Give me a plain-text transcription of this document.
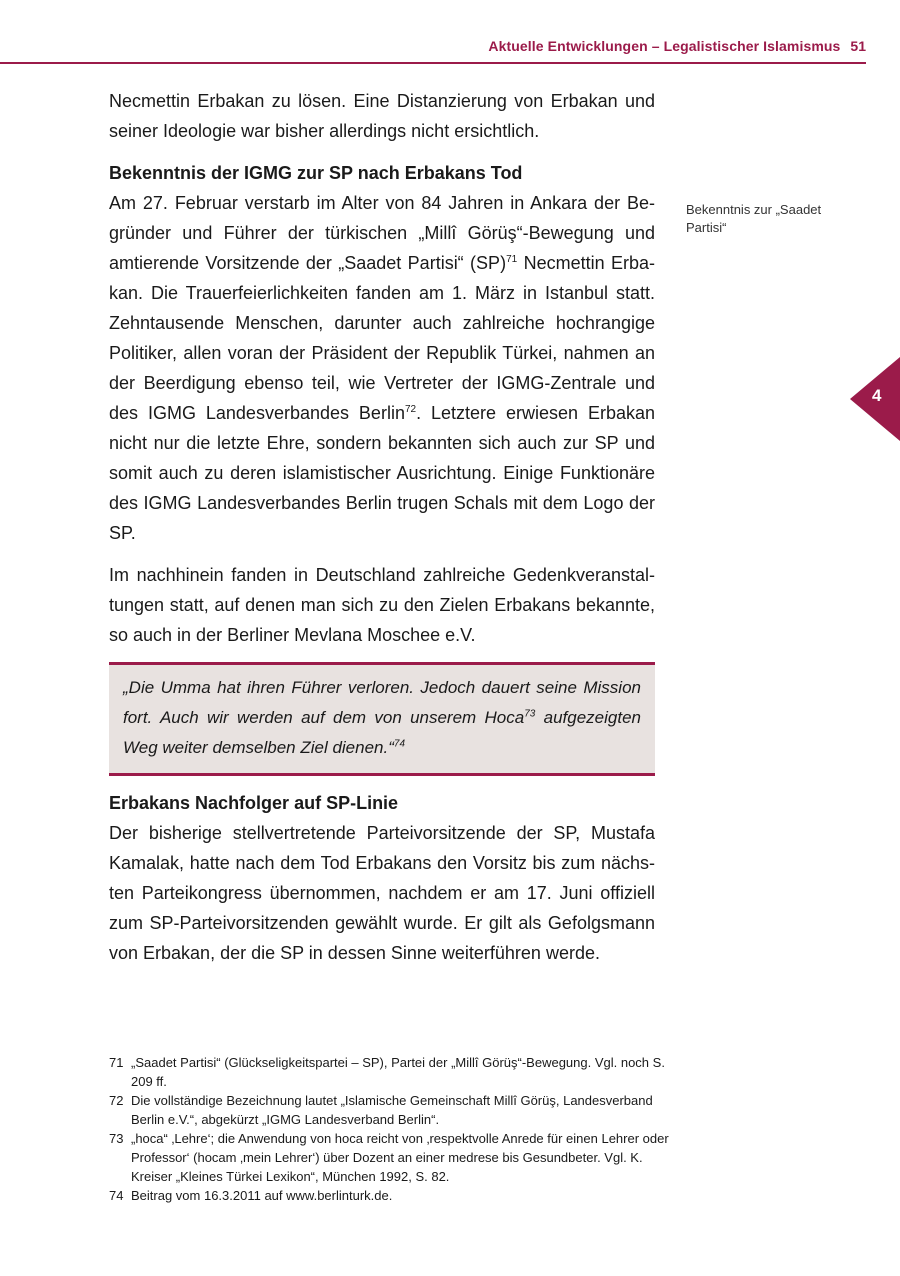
Aktuelle Entwicklungen – Legalistischer Islamismus 51
4
Bekenntnis zur „Saadet Partisi“

Necmettin Erbakan zu lösen. Eine Distanzierung von Erbakan und seiner Ideologie war bisher allerdings nicht ersichtlich.

Bekenntnis der IGMG zur SP nach Erbakans Tod

Am 27. Februar verstarb im Alter von 84 Jahren in Ankara der Begründer und Führer der türkischen „Millî Görüş“-Bewegung und amtierende Vorsitzende der „Saadet Partisi“ (SP)$^{71}$ Necmettin Erbakan. Die Trauerfeierlichkeiten fanden am 1. März in Istanbul statt. Zehntausende Menschen, darunter auch zahlreiche hochrangige Politiker, allen voran der Präsident der Republik Türkei, nahmen an der Beerdigung ebenso teil, wie Vertreter der IGMG-Zentrale und des IGMG Landesverbandes Berlin$^{72}$. Letztere erwiesen Erbakan nicht nur die letzte Ehre, sondern bekannten sich auch zur SP und somit auch zu deren islamistischer Ausrichtung. Einige Funktionäre des IGMG Landesverbandes Berlin trugen Schals mit dem Logo der SP.

Im nachhinein fanden in Deutschland zahlreiche Gedenkveranstaltungen statt, auf denen man sich zu den Zielen Erbakans bekannte, so auch in der Berliner Mevlana Moschee e.V.

„Die Umma hat ihren Führer verloren. Jedoch dauert seine Mission fort. Auch wir werden auf dem von unserem Hoca$^{73}$ aufgezeigten Weg weiter demselben Ziel dienen.“$^{74}$

Erbakans Nachfolger auf SP-Linie

Der bisherige stellvertretende Parteivorsitzende der SP, Mustafa Kamalak, hatte nach dem Tod Erbakans den Vorsitz bis zum nächsten Parteikongress übernommen, nachdem er am 17. Juni offiziell zum SP-Parteivorsitzenden gewählt wurde. Er gilt als Gefolgsmann von Erbakan, der die SP in dessen Sinne weiterführen werde.

71 „Saadet Partisi“ (Glückseligkeitspartei – SP), Partei der „Millî Görüş“-Bewegung. Vgl. noch S. 209 ff.
72 Die vollständige Bezeichnung lautet „Islamische Gemeinschaft Millî Görüş, Landesverband Berlin e.V.“, abgekürzt „IGMG Landesverband Berlin“.
73 „hoca“ ‚Lehre‘; die Anwendung von hoca reicht von ‚respektvolle Anrede für einen Lehrer oder Professor‘ (hocam ‚mein Lehrer‘) über Dozent an einer medrese bis Gesundbeter. Vgl. K. Kreiser „Kleines Türkei Lexikon“, München 1992, S. 82.
74 Beitrag vom 16.3.2011 auf www.berlinturk.de.
